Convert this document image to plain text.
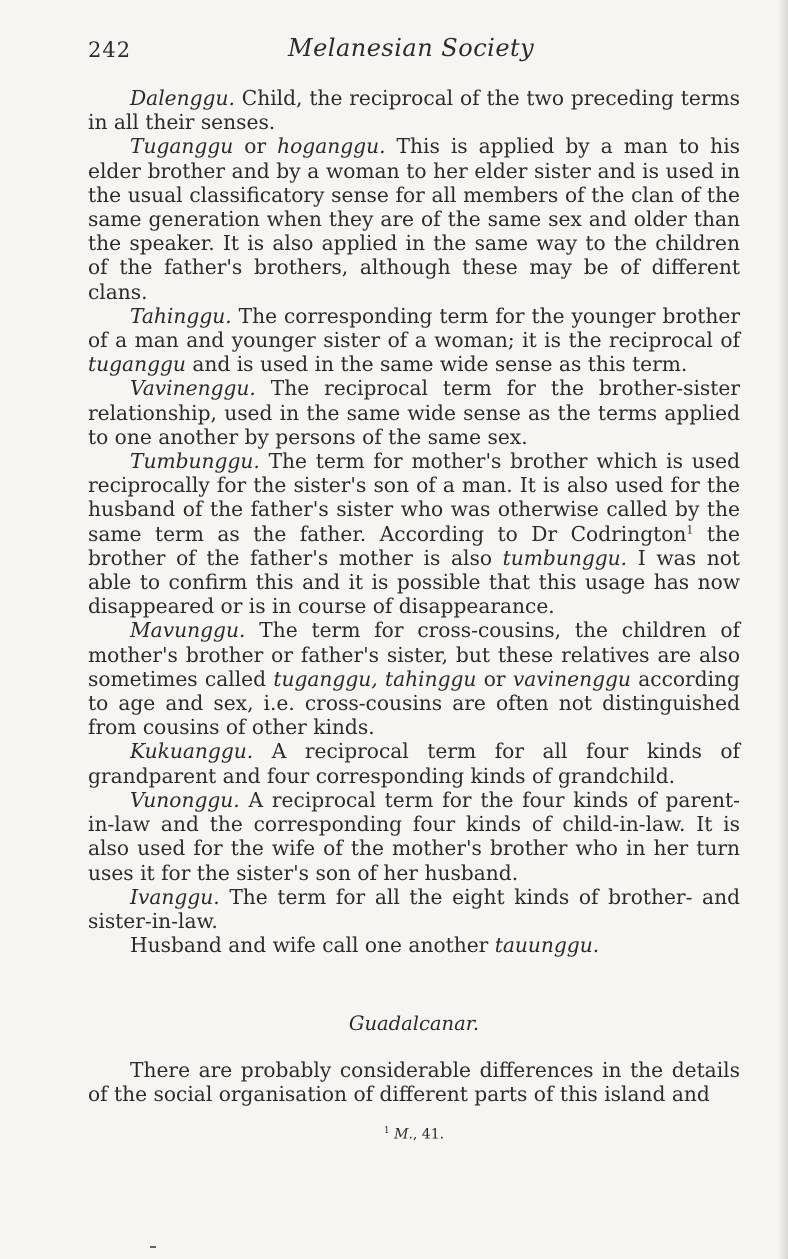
242	Melanesian Society

Dalenggu. Child, the reciprocal of the two preceding terms in all their senses.

Tuganggu or hoganggu. This is applied by a man to his elder brother and by a woman to her elder sister and is used in the usual classificatory sense for all members of the clan of the same generation when they are of the same sex and older than the speaker. It is also applied in the same way to the children of the father's brothers, although these may be of different clans.

Tahinggu. The corresponding term for the younger brother of a man and younger sister of a woman; it is the reciprocal of tuganggu and is used in the same wide sense as this term.

Vavinenggu. The reciprocal term for the brother-sister relationship, used in the same wide sense as the terms applied to one another by persons of the same sex.

Tumbunggu. The term for mother's brother which is used reciprocally for the sister's son of a man. It is also used for the husband of the father's sister who was otherwise called by the same term as the father. According to Dr Codrington$^1$ the brother of the father's mother is also tumbunggu. I was not able to confirm this and it is possible that this usage has now disappeared or is in course of disappearance.

Mavunggu. The term for cross-cousins, the children of mother's brother or father's sister, but these relatives are also sometimes called tuganggu, tahinggu or vavinenggu according to age and sex, i.e. cross-cousins are often not distinguished from cousins of other kinds.

Kukuanggu. A reciprocal term for all four kinds of grandparent and four corresponding kinds of grandchild.

Vunonggu. A reciprocal term for the four kinds of parent-in-law and the corresponding four kinds of child-in-law. It is also used for the wife of the mother's brother who in her turn uses it for the sister's son of her husband.

Ivanggu. The term for all the eight kinds of brother- and sister-in-law.

Husband and wife call one another tauunggu.

Guadalcanar.

There are probably considerable differences in the details of the social organisation of different parts of this island and

$^1$ M., 41.
